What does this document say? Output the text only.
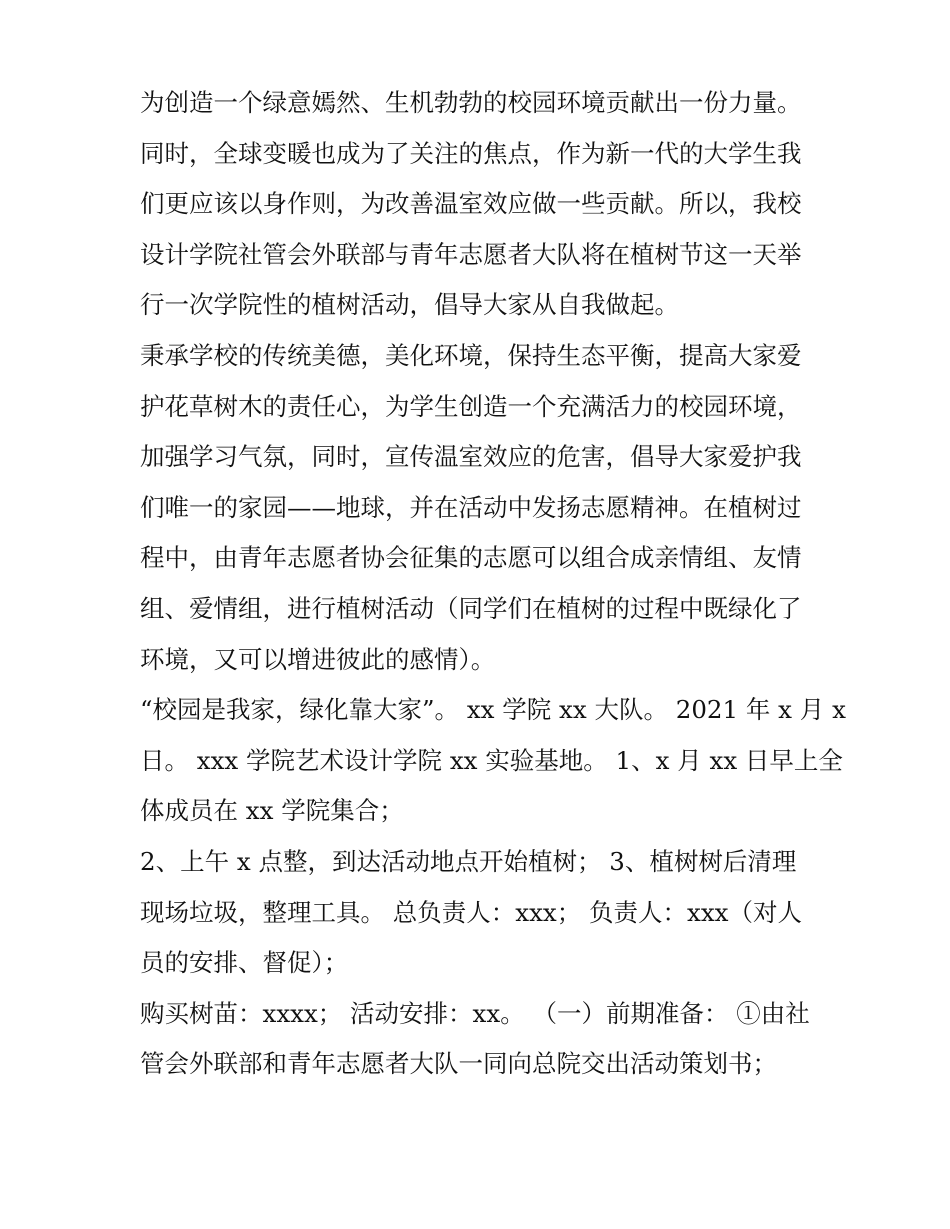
为创造一个绿意嫣然、生机勃勃的校园环境贡献出一份力量。
同时，全球变暖也成为了关注的焦点，作为新一代的大学生我
们更应该以身作则，为改善温室效应做一些贡献。所以，我校
设计学院社管会外联部与青年志愿者大队将在植树节这一天举
行一次学院性的植树活动，倡导大家从自我做起。
秉承学校的传统美德，美化环境，保持生态平衡，提高大家爱
护花草树木的责任心，为学生创造一个充满活力的校园环境，
加强学习气氛，同时，宣传温室效应的危害，倡导大家爱护我
们唯一的家园——地球，并在活动中发扬志愿精神。在植树过
程中，由青年志愿者协会征集的志愿可以组合成亲情组、友情
组、爱情组，进行植树活动（同学们在植树的过程中既绿化了
环境，又可以增进彼此的感情）。
“校园是我家，绿化靠大家”。 xx 学院 xx 大队。 2021 年 x 月 x
日。 xxx 学院艺术设计学院 xx 实验基地。 1、x 月 xx 日早上全
体成员在 xx 学院集合；
2、上午 x 点整，到达活动地点开始植树； 3、植树树后清理
现场垃圾，整理工具。 总负责人：xxx； 负责人：xxx（对人
员的安排、督促）；
购买树苗：xxxx； 活动安排：xx。 （一）前期准备： ①由社
管会外联部和青年志愿者大队一同向总院交出活动策划书；
